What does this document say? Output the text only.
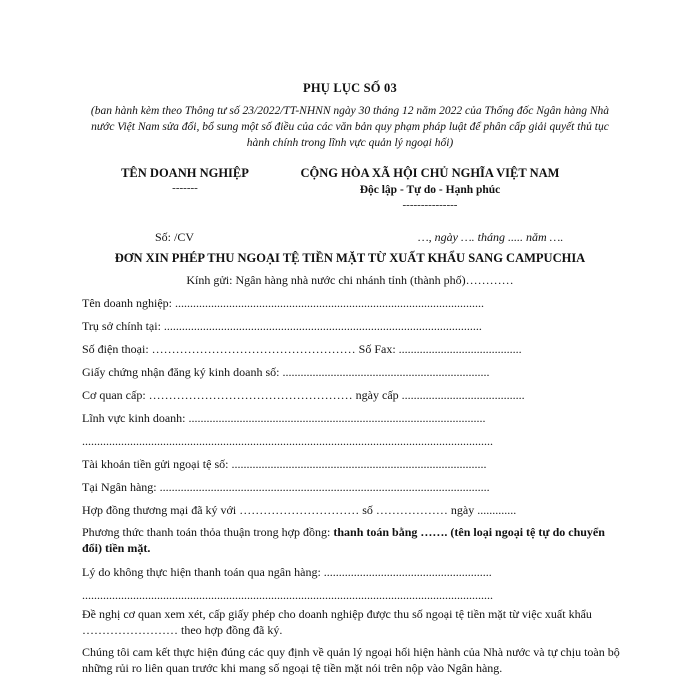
PHỤ LỤC SỐ 03
(ban hành kèm theo Thông tư số 23/2022/TT-NHNN ngày 30 tháng 12 năm 2022 của Thống đốc Ngân hàng Nhà nước Việt Nam sửa đổi, bổ sung một số điều của các văn bản quy phạm pháp luật để phân cấp giải quyết thủ tục hành chính trong lĩnh vực quản lý ngoại hối)
TÊN DOANH NGHIỆP
-------
CỘNG HÒA XÃ HỘI CHỦ NGHĨA VIỆT NAM
Độc lập - Tự do - Hạnh phúc
---------------
Số: /CV	…, ngày …. tháng ..... năm ….
ĐƠN XIN PHÉP THU NGOẠI TỆ TIỀN MẶT TỪ XUẤT KHẨU SANG CAMPUCHIA
Kính gửi: Ngân hàng nhà nước chi nhánh tỉnh (thành phố)…………
Tên doanh nghiệp: .......................................................................................................
Trụ sở chính tại: ..........................................................................................................
Số điện thoại: …………………………………………… Số Fax: .........................................
Giấy chứng nhận đăng ký kinh doanh số: .....................................................................
Cơ quan cấp: …………………………………………… ngày cấp .........................................
Lĩnh vực kinh doanh: ...................................................................................................
.........................................................................................................................................
Tài khoản tiền gửi ngoại tệ số: .....................................................................................
Tại Ngân hàng: ..............................................................................................................
Hợp đồng thương mại đã ký với ………………………… số ……………… ngày .............
Phương thức thanh toán thỏa thuận trong hợp đồng: thanh toán bằng ……. (tên loại ngoại tệ tự do chuyển đổi) tiền mặt.
Lý do không thực hiện thanh toán qua ngân hàng: ........................................................
.........................................................................................................................................
Đề nghị cơ quan xem xét, cấp giấy phép cho doanh nghiệp được thu số ngoại tệ tiền mặt từ việc xuất khẩu …………………… theo hợp đồng đã ký.
Chúng tôi cam kết thực hiện đúng các quy định về quản lý ngoại hối hiện hành của Nhà nước và tự chịu toàn bộ những rủi ro liên quan trước khi mang số ngoại tệ tiền mặt nói trên nộp vào Ngân hàng.
